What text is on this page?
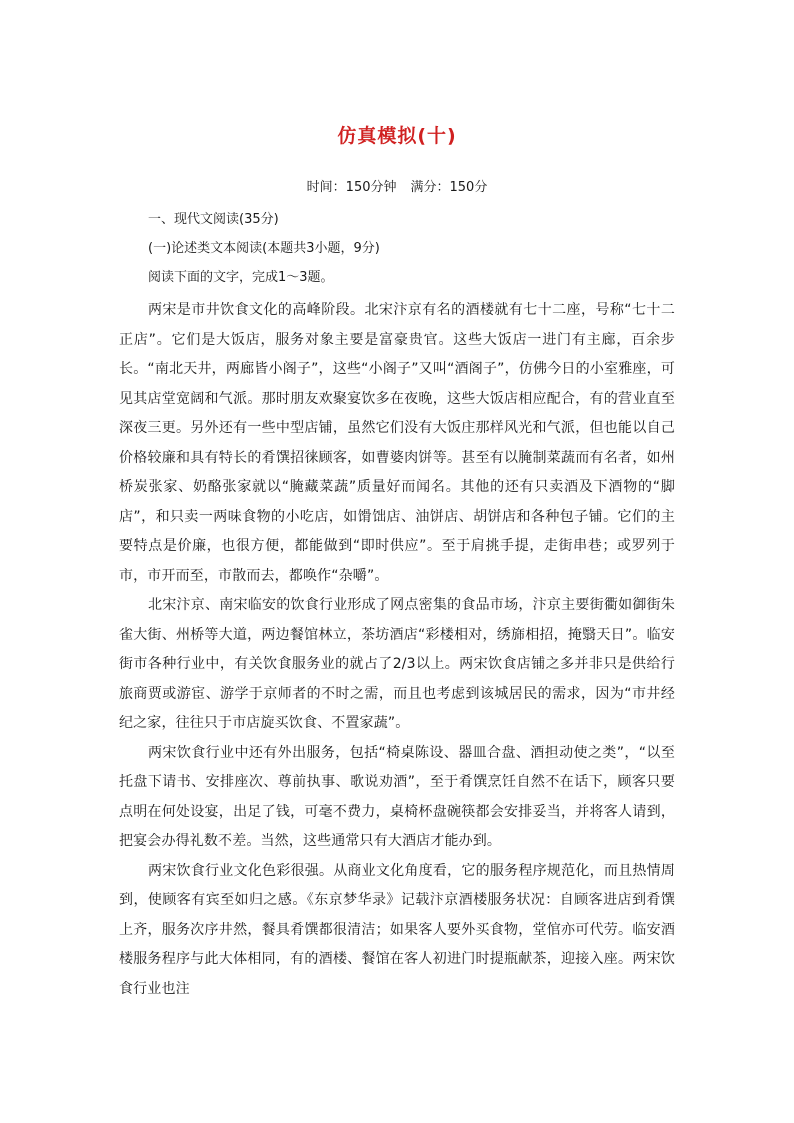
仿真模拟(十)
时间：150分钟 满分：150分
一、现代文阅读(35分)
(一)论述类文本阅读(本题共3小题，9分)
阅读下面的文字，完成1～3题。

两宋是市井饮食文化的高峰阶段。北宋汴京有名的酒楼就有七十二座，号称“七十二正店”。它们是大饭店，服务对象主要是富豪贵官。这些大饭店一进门有主廊，百余步长。“南北天井，两廊皆小阁子”，这些“小阁子”又叫“酒阁子”，仿佛今日的小室雅座，可见其店堂宽阔和气派。那时朋友欢聚宴饮多在夜晚，这些大饭店相应配合，有的营业直至深夜三更。另外还有一些中型店铺，虽然它们没有大饭庄那样风光和气派，但也能以自己价格较廉和具有特长的肴馔招徕顾客，如曹婆肉饼等。甚至有以腌制菜蔬而有名者，如州桥炭张家、奶酪张家就以“腌藏菜蔬”质量好而闻名。其他的还有只卖酒及下酒物的“脚店”，和只卖一两味食物的小吃店，如馉饳店、油饼店、胡饼店和各种包子铺。它们的主要特点是价廉，也很方便，都能做到“即时供应”。至于肩挑手提，走街串巷；或罗列于市，市开而至，市散而去，都唤作“杂嚼”。

北宋汴京、南宋临安的饮食行业形成了网点密集的食品市场，汴京主要街衢如御街朱雀大街、州桥等大道，两边餐馆林立，茶坊酒店“彩楼相对，绣旆相招，掩翳天日”。临安街市各种行业中，有关饮食服务业的就占了2/3以上。两宋饮食店铺之多并非只是供给行旅商贾或游宦、游学于京师者的不时之需，而且也考虑到该城居民的需求，因为“市井经纪之家，往往只于市店旋买饮食、不置家蔬”。

两宋饮食行业中还有外出服务，包括“椅桌陈设、器皿合盘、酒担动使之类”，“以至托盘下请书、安排座次、尊前执事、歌说劝酒”，至于肴馔烹饪自然不在话下，顾客只要点明在何处设宴，出足了钱，可毫不费力，桌椅杯盘碗筷都会安排妥当，并将客人请到，把宴会办得礼数不差。当然，这些通常只有大酒店才能办到。

两宋饮食行业文化色彩很强。从商业文化角度看，它的服务程序规范化，而且热情周到，使顾客有宾至如归之感。《东京梦华录》记载汴京酒楼服务状况：自顾客进店到肴馔上齐，服务次序井然，餐具肴馔都很清洁；如果客人要外买食物，堂倌亦可代劳。临安酒楼服务程序与此大体相同，有的酒楼、餐馆在客人初进门时提瓶献茶，迎接入座。两宋饮食行业也注
